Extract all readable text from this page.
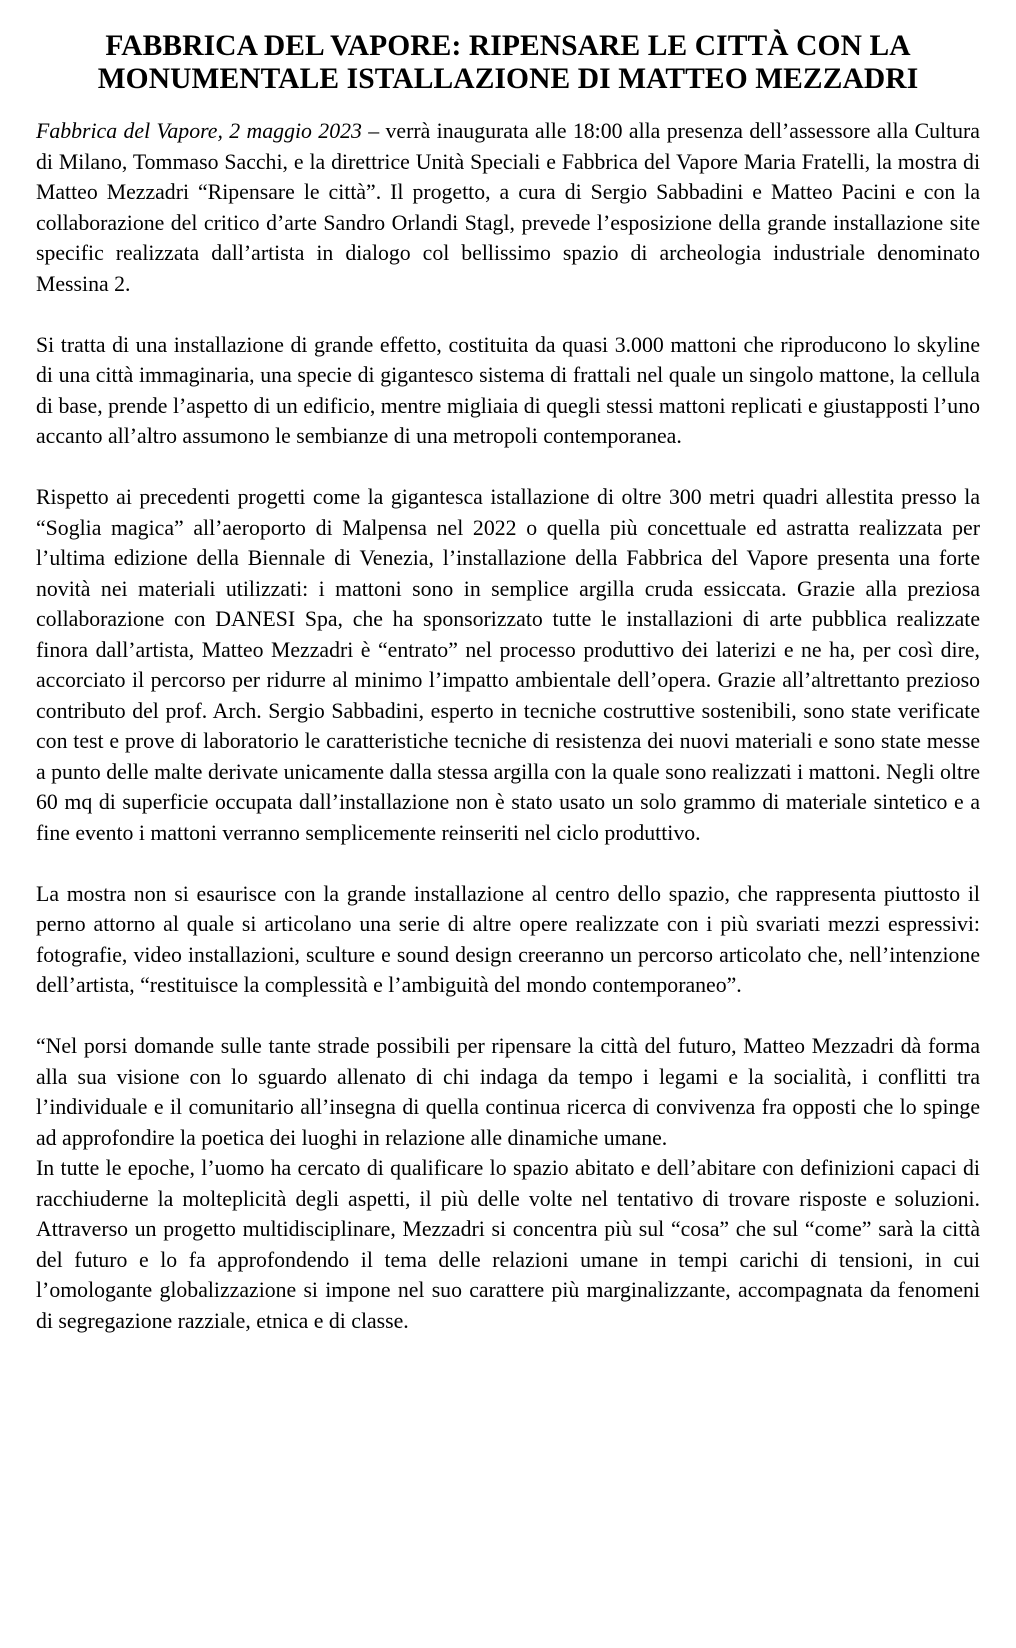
FABBRICA DEL VAPORE: RIPENSARE LE CITTÀ CON LA
MONUMENTALE ISTALLAZIONE DI MATTEO MEZZADRI

Fabbrica del Vapore, 2 maggio 2023 – verrà inaugurata alle 18:00 alla presenza dell’assessore alla Cultura di Milano, Tommaso Sacchi, e la direttrice Unità Speciali e Fabbrica del Vapore Maria Fratelli, la mostra di Matteo Mezzadri “Ripensare le città”. Il progetto, a cura di Sergio Sabbadini e Matteo Pacini e con la collaborazione del critico d’arte Sandro Orlandi Stagl, prevede l’esposizione della grande installazione site specific realizzata dall’artista in dialogo col bellissimo spazio di archeologia industriale denominato Messina 2.

Si tratta di una installazione di grande effetto, costituita da quasi 3.000 mattoni che riproducono lo skyline di una città immaginaria, una specie di gigantesco sistema di frattali nel quale un singolo mattone, la cellula di base, prende l’aspetto di un edificio, mentre migliaia di quegli stessi mattoni replicati e giustapposti l’uno accanto all’altro assumono le sembianze di una metropoli contemporanea.

Rispetto ai precedenti progetti come la gigantesca istallazione di oltre 300 metri quadri allestita presso la “Soglia magica” all’aeroporto di Malpensa nel 2022 o quella più concettuale ed astratta realizzata per l’ultima edizione della Biennale di Venezia, l’installazione della Fabbrica del Vapore presenta una forte novità nei materiali utilizzati: i mattoni sono in semplice argilla cruda essiccata. Grazie alla preziosa collaborazione con DANESI Spa, che ha sponsorizzato tutte le installazioni di arte pubblica realizzate finora dall’artista, Matteo Mezzadri è “entrato” nel processo produttivo dei laterizi e ne ha, per così dire, accorciato il percorso per ridurre al minimo l’impatto ambientale dell’opera. Grazie all’altrettanto prezioso contributo del prof. Arch. Sergio Sabbadini, esperto in tecniche costruttive sostenibili, sono state verificate con test e prove di laboratorio le caratteristiche tecniche di resistenza dei nuovi materiali e sono state messe a punto delle malte derivate unicamente dalla stessa argilla con la quale sono realizzati i mattoni. Negli oltre 60 mq di superficie occupata dall’installazione non è stato usato un solo grammo di materiale sintetico e a fine evento i mattoni verranno semplicemente reinseriti nel ciclo produttivo.

La mostra non si esaurisce con la grande installazione al centro dello spazio, che rappresenta piuttosto il perno attorno al quale si articolano una serie di altre opere realizzate con i più svariati mezzi espressivi: fotografie, video installazioni, sculture e sound design creeranno un percorso articolato che, nell’intenzione dell’artista, “restituisce la complessità e l’ambiguità del mondo contemporaneo”.

“Nel porsi domande sulle tante strade possibili per ripensare la città del futuro, Matteo Mezzadri dà forma alla sua visione con lo sguardo allenato di chi indaga da tempo i legami e la socialità, i conflitti tra l’individuale e il comunitario all’insegna di quella continua ricerca di convivenza fra opposti che lo spinge ad approfondire la poetica dei luoghi in relazione alle dinamiche umane.

In tutte le epoche, l’uomo ha cercato di qualificare lo spazio abitato e dell’abitare con definizioni capaci di racchiuderne la molteplicità degli aspetti, il più delle volte nel tentativo di trovare risposte e soluzioni. Attraverso un progetto multidisciplinare, Mezzadri si concentra più sul “cosa” che sul “come” sarà la città del futuro e lo fa approfondendo il tema delle relazioni umane in tempi carichi di tensioni, in cui l’omologante globalizzazione si impone nel suo carattere più marginalizzante, accompagnata da fenomeni di segregazione razziale, etnica e di classe.
